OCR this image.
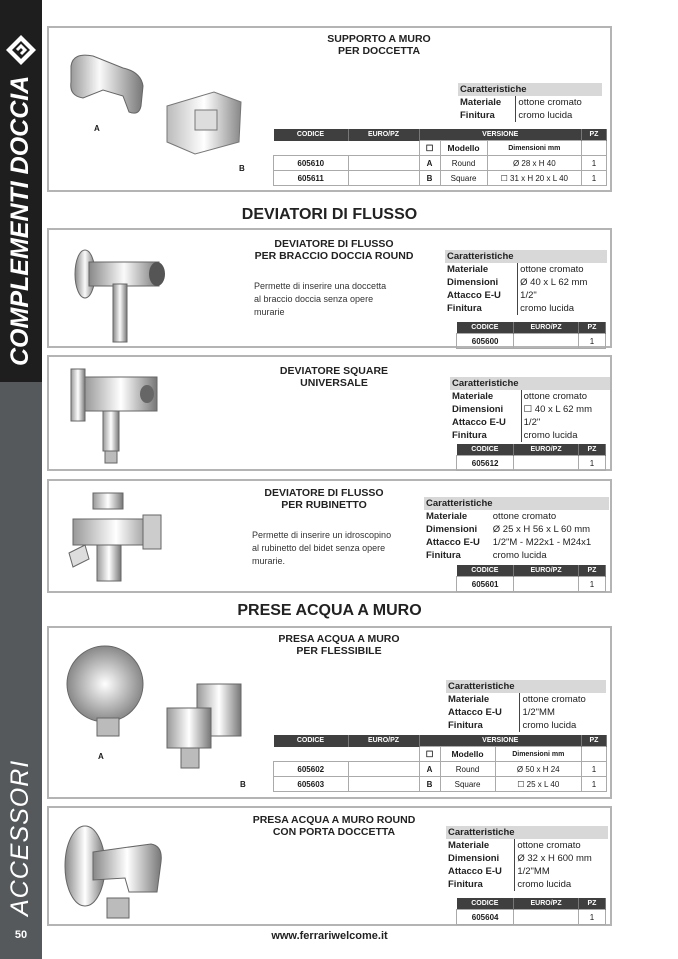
COMPLEMENTI DOCCIA
ACCESSORI
50
SUPPORTO A MURO
PER DOCCETTA
A
B
Caratteristiche	
Materiale	ottone cromato
Finitura	cromo lucida
CODICE	EURO/PZ	VERSIONE			PZ
		☐	Modello	Dimensioni mm	
605610		A	Round	Ø 28 x H 40	1
605611		B	Square	☐ 31 x H 20 x L 40	1
DEVIATORI DI FLUSSO
DEVIATORE DI FLUSSO
PER BRACCIO DOCCIA ROUND
Permette di inserire una doccetta
al braccio doccia senza opere
murarie
Caratteristiche	
Materiale	ottone cromato
Dimensioni	Ø 40 x L 62 mm
Attacco E-U	1/2"
Finitura	cromo lucida
CODICE	EURO/PZ	PZ
605600		1
DEVIATORE SQUARE
UNIVERSALE	Caratteristiche	
Materiale	ottone cromato
Dimensioni	☐ 40 x L 62 mm
Attacco E-U	1/2"
Finitura	cromo lucida
CODICE	EURO/PZ	PZ
605612		1
DEVIATORE DI FLUSSO
PER RUBINETTO
Permette di inserire un idroscopino
al rubinetto del bidet senza opere
murarie.
Caratteristiche	
Materiale	ottone cromato
Dimensioni	Ø 25 x H 56 x L 60 mm
Attacco E-U	1/2"M - M22x1 - M24x1
Finitura	cromo lucida
CODICE	EURO/PZ	PZ
605601		1
PRESE ACQUA A MURO
PRESA ACQUA A MURO
PER FLESSIBILE
A
B
Caratteristiche	
Materiale	ottone cromato
Attacco E-U	1/2"MM
Finitura	cromo lucida
CODICE	EURO/PZ	VERSIONE			PZ
		☐	Modello	Dimensioni mm	
605602		A	Round	Ø 50 x H 24	1
605603		B	Square	☐ 25 x L 40	1
PRESA ACQUA A MURO ROUND
CON PORTA DOCCETTA	Caratteristiche	
Materiale	ottone cromato
Dimensioni	Ø 32 x H 600 mm
Attacco E-U	1/2"MM
Finitura	cromo lucida
CODICE	EURO/PZ	PZ
605604		1
www.ferrariwelcome.it
